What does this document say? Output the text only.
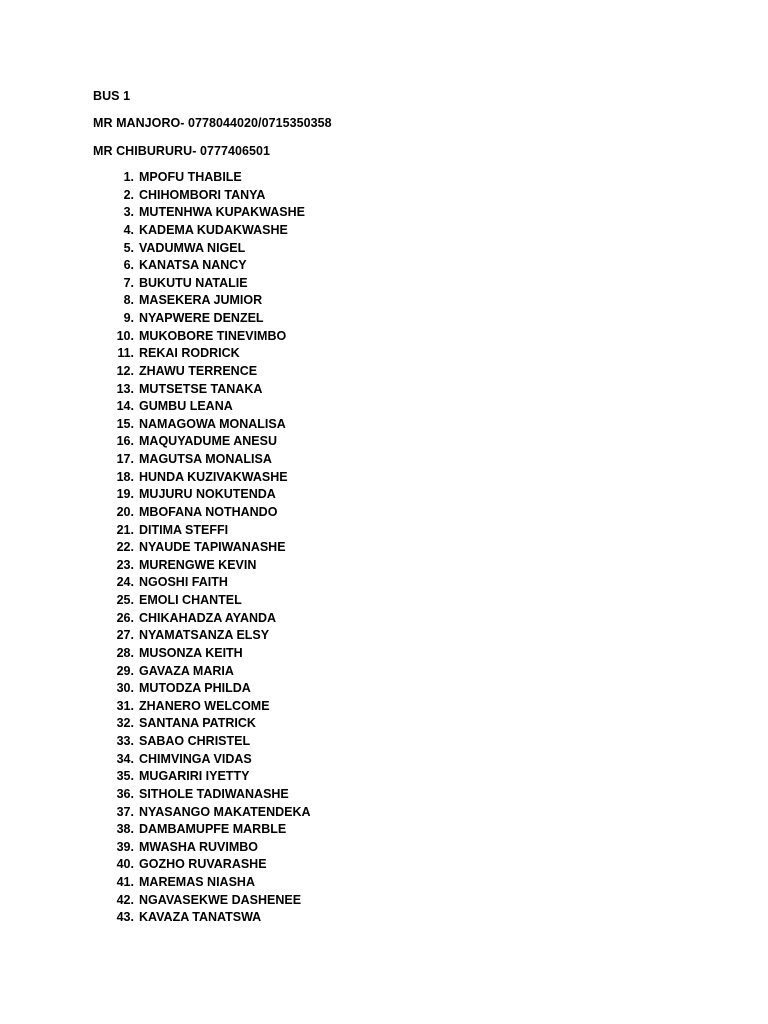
BUS 1
MR MANJORO- 0778044020/0715350358
MR CHIBURURU- 0777406501
1. MPOFU THABILE
2. CHIHOMBORI TANYA
3. MUTENHWA KUPAKWASHE
4. KADEMA KUDAKWASHE
5. VADUMWA NIGEL
6. KANATSA NANCY
7. BUKUTU NATALIE
8. MASEKERA JUMIOR
9. NYAPWERE DENZEL
10. MUKOBORE TINEVIMBO
11. REKAI RODRICK
12. ZHAWU TERRENCE
13. MUTSETSE TANAKA
14. GUMBU LEANA
15. NAMAGOWA MONALISA
16. MAQUYADUME ANESU
17. MAGUTSA MONALISA
18. HUNDA KUZIVAKWASHE
19. MUJURU NOKUTENDA
20. MBOFANA NOTHANDO
21. DITIMA STEFFI
22. NYAUDE TAPIWANASHE
23. MURENGWE KEVIN
24. NGOSHI FAITH
25. EMOLI CHANTEL
26. CHIKAHADZA AYANDA
27. NYAMATSANZA ELSY
28. MUSONZA KEITH
29. GAVAZA MARIA
30. MUTODZA PHILDA
31. ZHANERO WELCOME
32. SANTANA PATRICK
33. SABAO CHRISTEL
34. CHIMVINGA VIDAS
35. MUGARIRI IYETTY
36. SITHOLE TADIWANASHE
37. NYASANGO MAKATENDEKA
38. DAMBAMUPFE MARBLE
39. MWASHA RUVIMBO
40. GOZHO RUVARASHE
41. MAREMAS NIASHA
42. NGAVASEKWE DASHENEE
43. KAVAZA TANATSWA
